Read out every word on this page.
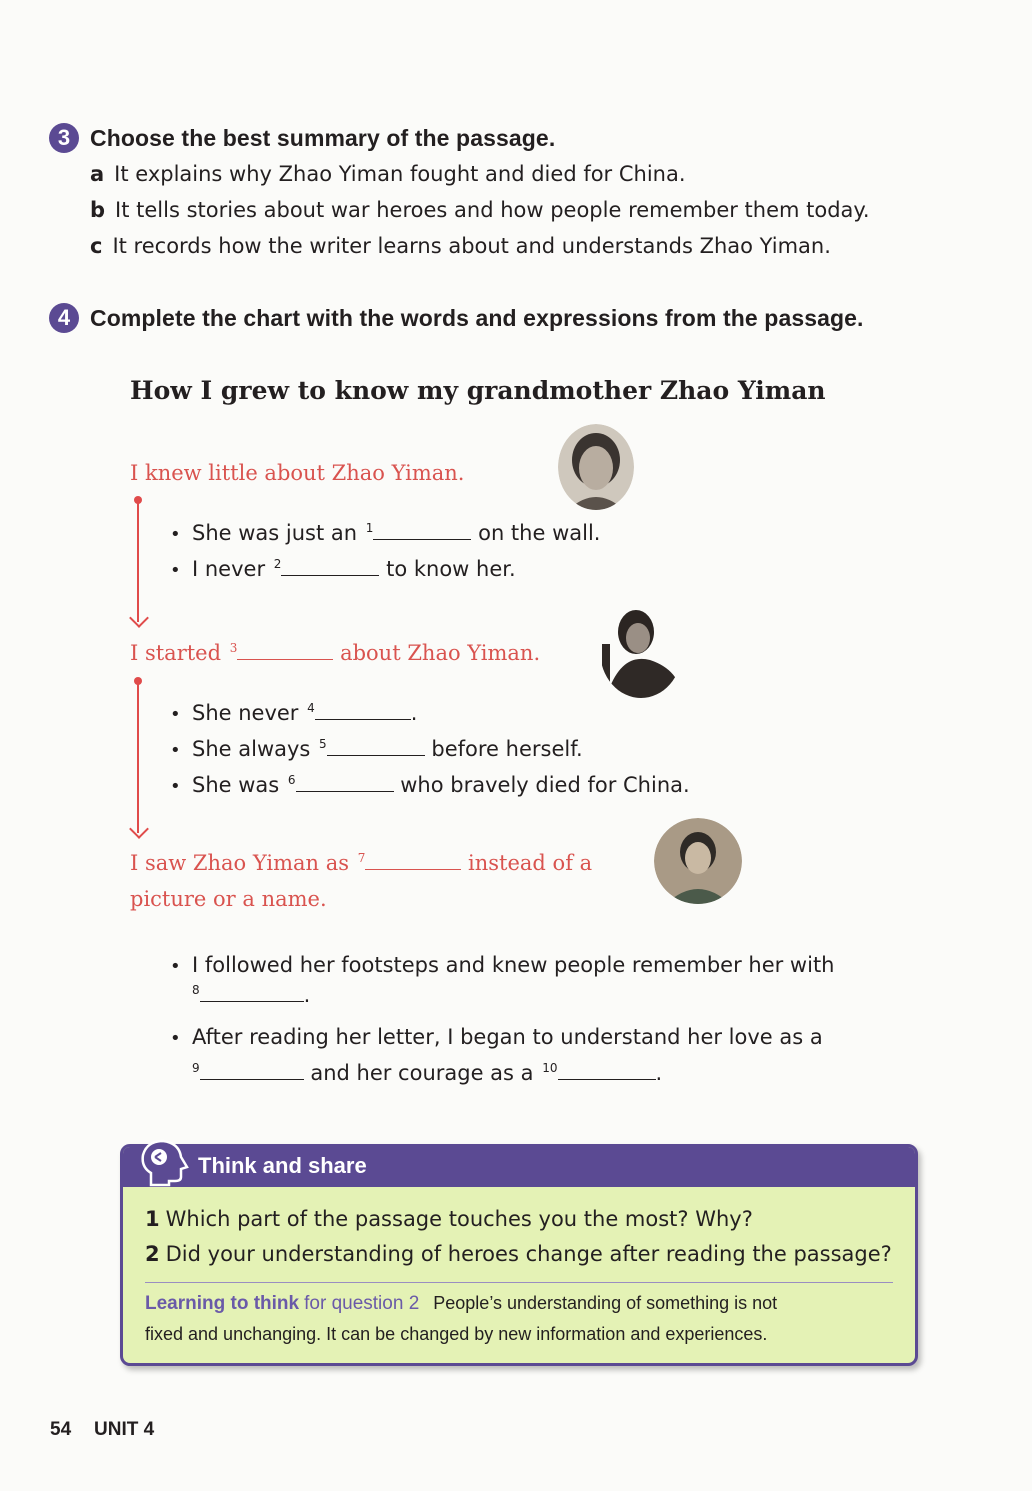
3 Choose the best summary of the passage.
a It explains why Zhao Yiman fought and died for China.
b It tells stories about war heroes and how people remember them today.
c It records how the writer learns about and understands Zhao Yiman.
4 Complete the chart with the words and expressions from the passage.
How I grew to know my grandmother Zhao Yiman
I knew little about Zhao Yiman.
• She was just an $^1$	on the wall.
• I never $^2$	to know her.
I started $^3$	about Zhao Yiman.
• She never $^4$	.
• She always $^5$	before herself.
• She was $^6$	who bravely died for China.
I saw Zhao Yiman as $^7$	instead of a
picture or a name.
• I followed her footsteps and knew people remember her with
$^8$	.
• After reading her letter, I began to understand her love as a
$^9$	and her courage as a $^{10}$	.
Think and share
1 Which part of the passage touches you the most? Why?
2 Did your understanding of heroes change after reading the passage?
Learning to think for question 2 People’s understanding of something is not
fixed and unchanging. It can be changed by new information and experiences.
54 UNIT 4
